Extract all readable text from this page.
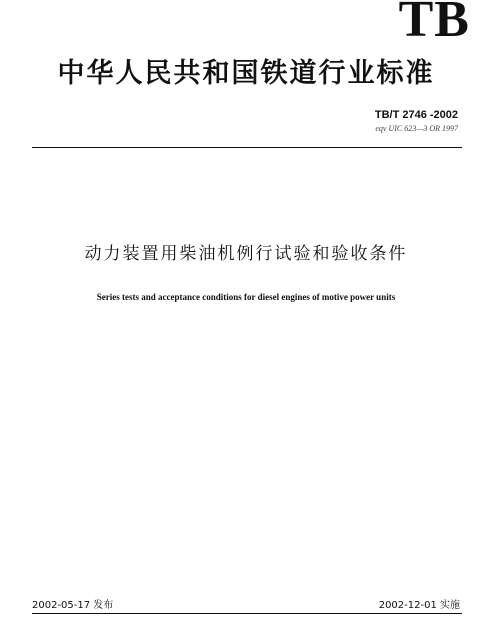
TB
中华人民共和国铁道行业标准
TB/T 2746 -2002
eqv UIC 623—3 OR 1997
动力装置用柴油机例行试验和验收条件
Series tests and acceptance conditions for diesel engines of motive power units
2002-05-17 发布	2002-12-01 实施
